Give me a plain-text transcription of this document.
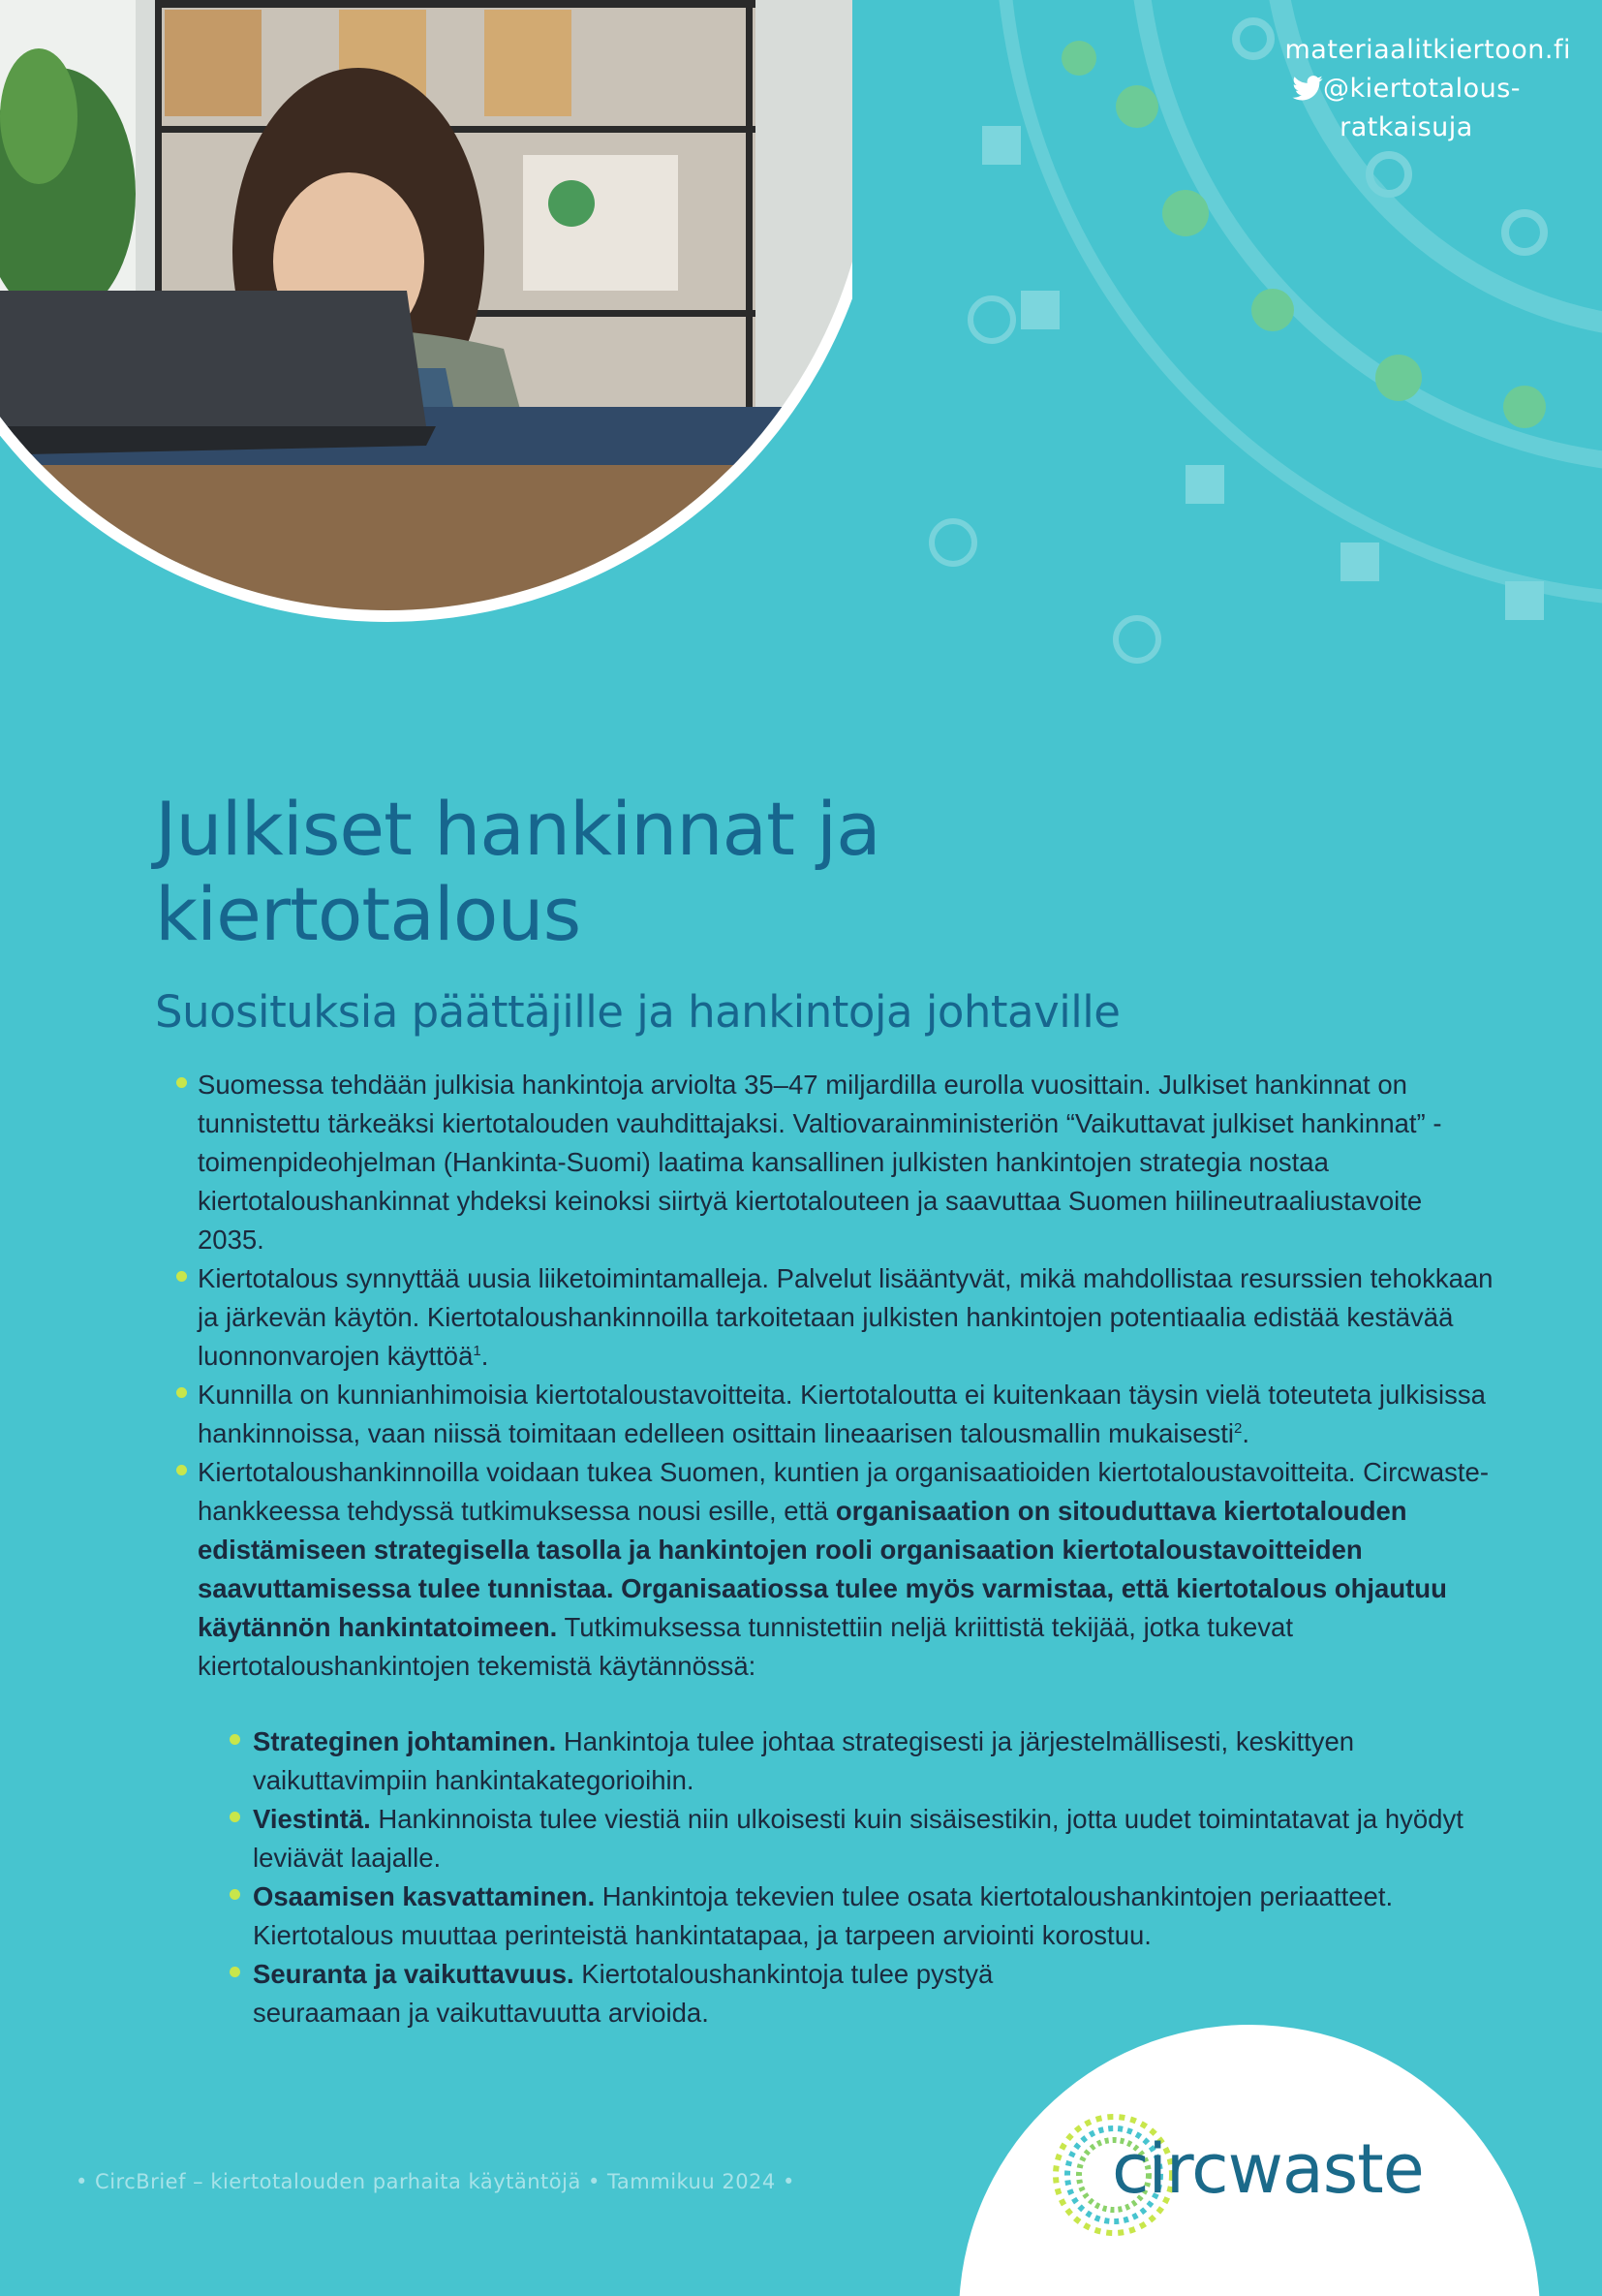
materiaalitkiertoon.fi
@kiertotalous-
ratkaisuja
Julkiset hankinnat ja
kiertotalous
Suosituksia päättäjille ja hankintoja johtaville
Suomessa tehdään julkisia hankintoja arviolta 35–47 miljardilla eurolla vuosittain. Julkiset hankinnat on tunnistettu tärkeäksi kiertotalouden vauhdittajaksi. Valtiovarainministeriön “Vaikuttavat julkiset hankinnat” -toimenpideohjelman (Hankinta-Suomi) laatima kansallinen julkisten hankintojen strategia nostaa kiertotaloushankinnat yhdeksi keinoksi siirtyä kiertotalouteen ja saavuttaa Suomen hiilineutraaliustavoite 2035.
Kiertotalous synnyttää uusia liiketoimintamalleja. Palvelut lisääntyvät, mikä mahdollistaa resurssien tehokkaan ja järkevän käytön. Kiertotaloushankinnoilla tarkoitetaan julkisten hankintojen potentiaalia edistää kestävää luonnonvarojen käyttöä$^1$.
Kunnilla on kunnianhimoisia kiertotaloustavoitteita. Kiertotaloutta ei kuitenkaan täysin vielä toteuteta julkisissa hankinnoissa, vaan niissä toimitaan edelleen osittain lineaarisen talousmallin mukaisesti$^2$.
Kiertotaloushankinnoilla voidaan tukea Suomen, kuntien ja organisaatioiden kiertotaloustavoitteita. Circwaste-hankkeessa tehdyssä tutkimuksessa nousi esille, että organisaation on sitouduttava kiertotalouden edistämiseen strategisella tasolla ja hankintojen rooli organisaation kiertotaloustavoitteiden saavuttamisessa tulee tunnistaa. Organisaatiossa tulee myös varmistaa, että kiertotalous ohjautuu käytännön hankintatoimeen. Tutkimuksessa tunnistettiin neljä kriittistä tekijää, jotka tukevat kiertotaloushankintojen tekemistä käytännössä:
Strateginen johtaminen. Hankintoja tulee johtaa strategisesti ja järjestelmällisesti, keskittyen vaikuttavimpiin hankintakategorioihin.
Viestintä. Hankinnoista tulee viestiä niin ulkoisesti kuin sisäisestikin, jotta uudet toimintatavat ja hyödyt leviävät laajalle.
Osaamisen kasvattaminen. Hankintoja tekevien tulee osata kiertotaloushankintojen periaatteet. Kiertotalous muuttaa perinteistä hankintatapaa, ja tarpeen arviointi korostuu.
Seuranta ja vaikuttavuus. Kiertotaloushankintoja tulee pystyä seuraamaan ja vaikuttavuutta arvioida.
• CircBrief – kiertotalouden parhaita käytäntöjä • Tammikuu 2024 •	circwaste
